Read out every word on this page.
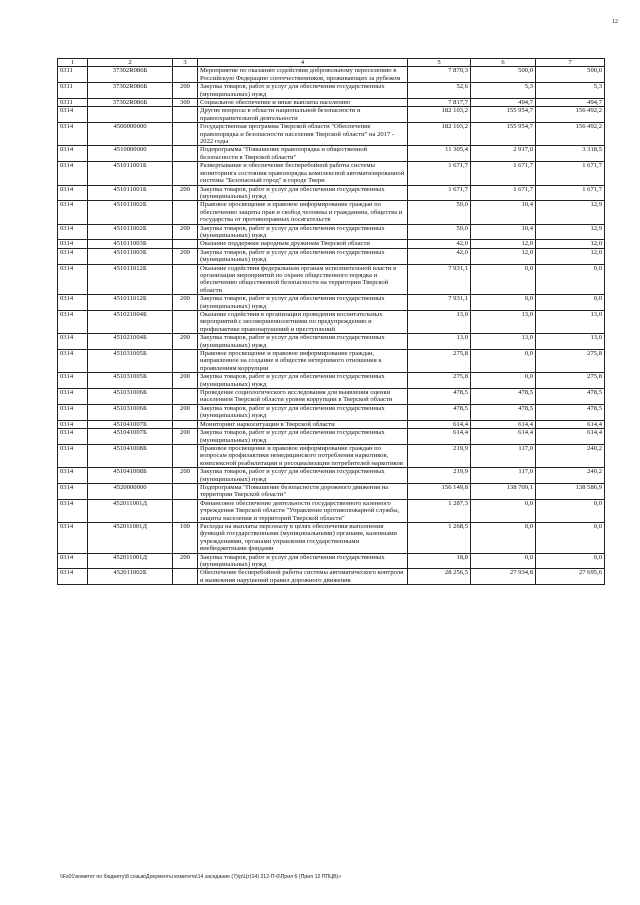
12
1	2	3	4	5	6	7
0311	37302R086Б		Мероприятие по оказанию содействия добровольному переселению в Российскую Федерацию соотечественников, проживающих за рубежом	7 870,3	500,0	500,0
0311	37302R086Б	200	Закупка товаров, работ и услуг для обеспечения государственных (муниципальных) нужд	52,6	5,3	5,3
0311	37302R086Б	300	Социальное обеспечение и иные выплаты населению	7 817,7	494,7	494,7
0314			Другие вопросы в области национальной безопасности и правоохранительной деятельности	182 103,2	155 954,7	156 492,2
0314	4500000000		Государственная программа Тверской области "Обеспечение правопорядка и безопасности населения Тверской области" на 2017 - 2022 годы	182 103,2	155 954,7	156 492,2
0314	4510000000		Подпрограмма "Повышение правопорядка и общественной безопасности в Тверской области"	11 305,4	2 917,0	3 318,5
0314	451011001Б		Развертывание и обеспечение бесперебойной работы системы мониторинга состояния правопорядка комплексной автоматизированной системы "Безопасный город" в городе Твери	1 671,7	1 671,7	1 671,7
0314	451011001Б	200	Закупка товаров, работ и услуг для обеспечения государственных (муниципальных) нужд	1 671,7	1 671,7	1 671,7
0314	451011002Б		Правовое просвещение и правовое информирование граждан по обеспечению защиты прав и свобод человека и гражданина, общества и государства от противоправных посягательств	59,0	10,4	12,9
0314	451011002Б	200	Закупка товаров, работ и услуг для обеспечения государственных (муниципальных) нужд	59,0	10,4	12,9
0314	451011003Б		Оказание поддержки народным дружинам Тверской области	42,0	12,0	12,0
0314	451011003Б	200	Закупка товаров, работ и услуг для обеспечения государственных (муниципальных) нужд	42,0	12,0	12,0
0314	451011012Б		Оказание содействия федеральным органам исполнительной власти в организации мероприятий по охране общественного порядка и обеспечению общественной безопасности на территории Тверской области	7 931,1	0,0	0,0
0314	451011012Б	200	Закупка товаров, работ и услуг для обеспечения государственных (муниципальных) нужд	7 931,1	0,0	0,0
0314	451021004Б		Оказание содействия в организации проведения воспитательных мероприятий с несовершеннолетними по предупреждению и профилактике правонарушений и преступлений	13,0	13,0	13,0
0314	451021004Б	200	Закупка товаров, работ и услуг для обеспечения государственных (муниципальных) нужд	13,0	13,0	13,0
0314	451031005Б		Правовое просвещение и правовое информирование граждан, направленное на создание в обществе нетерпимого отношения к проявлениям коррупции	275,8	0,0	275,8
0314	451031005Б	200	Закупка товаров, работ и услуг для обеспечения государственных (муниципальных) нужд	275,8	0,0	275,8
0314	451031006Б		Проведение социологического исследования для выявления оценки населением Тверской области уровня коррупции в Тверской области	478,5	478,5	478,5
0314	451031006Б	200	Закупка товаров, работ и услуг для обеспечения государственных (муниципальных) нужд	478,5	478,5	478,5
0314	451041007Б		Мониторинг наркоситуации в Тверской области	614,4	614,4	614,4
0314	451041007Б	200	Закупка товаров, работ и услуг для обеспечения государственных (муниципальных) нужд	614,4	614,4	614,4
0314	451041008Б		Правовое просвещение и правовое информирование граждан по вопросам профилактики немедицинского потребления наркотиков, комплексной реабилитации и ресоциализации потребителей наркотиков	219,9	117,0	240,2
0314	451041008Б	200	Закупка товаров, работ и услуг для обеспечения государственных (муниципальных) нужд	219,9	117,0	240,2
0314	4520000000		Подпрограмма "Повышение безопасности дорожного движения на территории Тверской области"	156 149,8	138 709,1	138 586,9
0314	452011001Д		Финансовое обеспечение деятельности государственного казенного учреждения Тверской области "Управление противопожарной службы, защиты населения и территорий Тверской области"	1 287,3	0,0	0,0
0314	452011001Д	100	Расходы на выплаты персоналу в целях обеспечения выполнения функций государственными (муниципальными) органами, казенными учреждениями, органами управления государственными внебюджетными фондами	1 268,5	0,0	0,0
0314	452011001Д	200	Закупка товаров, работ и услуг для обеспечения государственных (муниципальных) нужд	18,8	0,0	0,0
0314	452011002Б		Обеспечение бесперебойной работы системы автоматического контроля и выявления нарушений правил дорожного движения	28 256,5	27 934,8	27 695,6
\\Fs01\комитет по бюджету\8 созыв\Документы комитета\14 заседание (7)\р\Цт(14) 312-П-6\Прил 6 (Прил 12 ППЦВ)»
